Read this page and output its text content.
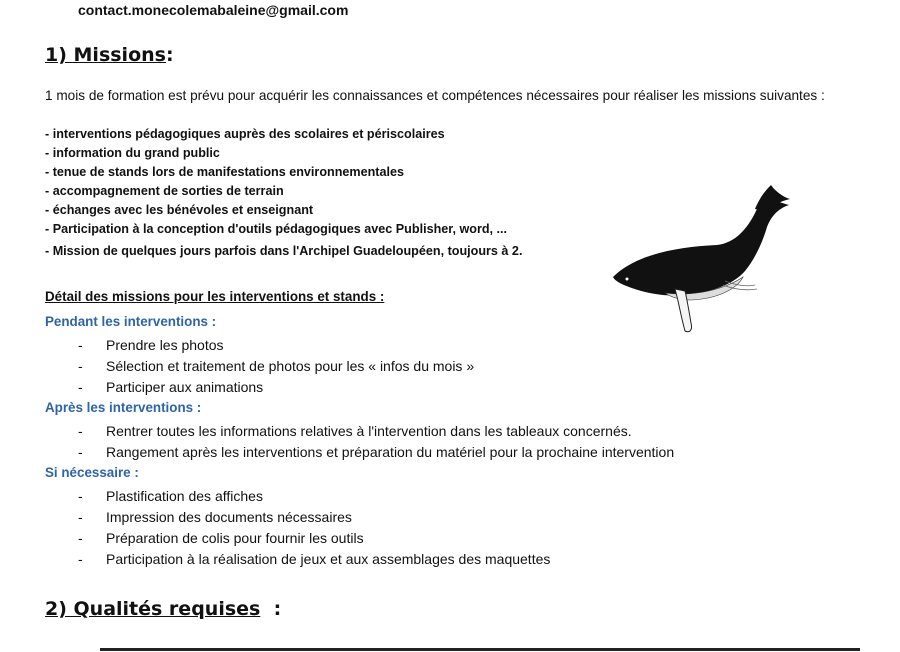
contact.monecolemabaleine@gmail.com
1) Missions:
1 mois de formation est prévu pour acquérir les connaissances et compétences nécessaires pour réaliser les missions suivantes :
- interventions pédagogiques auprès des scolaires et périscolaires
- information du grand public
- tenue de stands lors de manifestations environnementales
- accompagnement de sorties de terrain
- échanges avec les bénévoles et enseignant
- Participation à la conception d'outils pédagogiques avec Publisher, word, ...
- Mission de quelques jours parfois dans l'Archipel Guadeloupéen, toujours à 2.
Détail des missions pour les interventions et stands :
Pendant les interventions :
- Prendre les photos
- Sélection et traitement de photos pour les « infos du mois »
- Participer aux animations
Après les interventions :
- Rentrer toutes les informations relatives à l'intervention dans les tableaux concernés.
- Rangement après les interventions et préparation du matériel pour la prochaine intervention
Si nécessaire :
- Plastification des affiches
- Impression des documents nécessaires
- Préparation de colis pour fournir les outils
- Participation à la réalisation de jeux et aux assemblages des maquettes
2) Qualités requises :
